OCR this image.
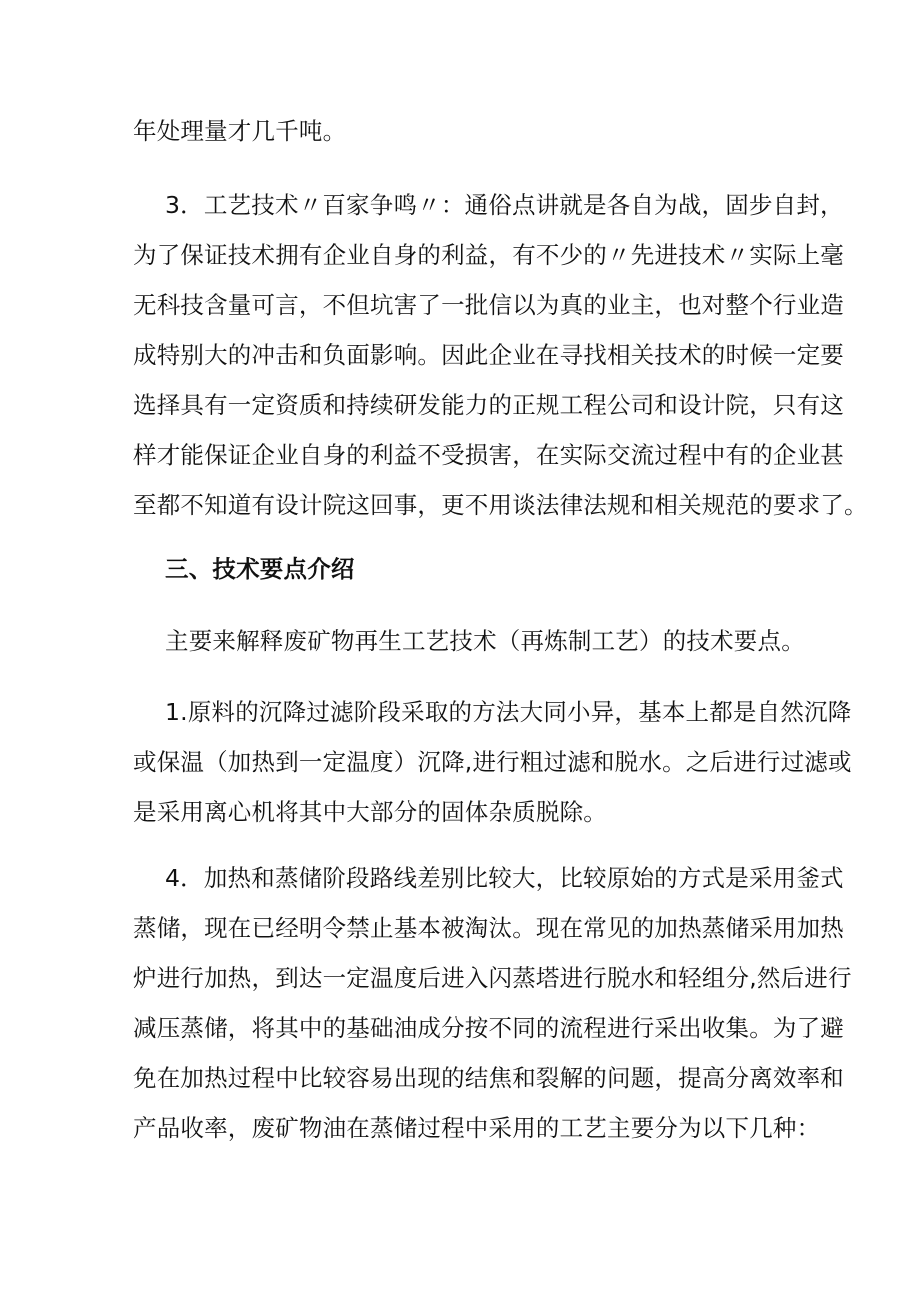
年处理量才几千吨。
3．工艺技术〃百家争鸣〃：通俗点讲就是各自为战，固步自封，
为了保证技术拥有企业自身的利益，有不少的〃先进技术〃实际上毫
无科技含量可言，不但坑害了一批信以为真的业主，也对整个行业造
成特别大的冲击和负面影响。因此企业在寻找相关技术的时候一定要
选择具有一定资质和持续研发能力的正规工程公司和设计院，只有这
样才能保证企业自身的利益不受损害，在实际交流过程中有的企业甚
至都不知道有设计院这回事，更不用谈法律法规和相关规范的要求了。
三、技术要点介绍
主要来解释废矿物再生工艺技术（再炼制工艺）的技术要点。
1.原料的沉降过滤阶段采取的方法大同小异，基本上都是自然沉降
或保温（加热到一定温度）沉降,进行粗过滤和脱水。之后进行过滤或
是采用离心机将其中大部分的固体杂质脱除。
4．加热和蒸储阶段路线差别比较大，比较原始的方式是采用釜式
蒸储，现在已经明令禁止基本被淘汰。现在常见的加热蒸储采用加热
炉进行加热，到达一定温度后进入闪蒸塔进行脱水和轻组分,然后进行
减压蒸储，将其中的基础油成分按不同的流程进行采出收集。为了避
免在加热过程中比较容易出现的结焦和裂解的问题，提高分离效率和
产品收率，废矿物油在蒸储过程中采用的工艺主要分为以下几种：
